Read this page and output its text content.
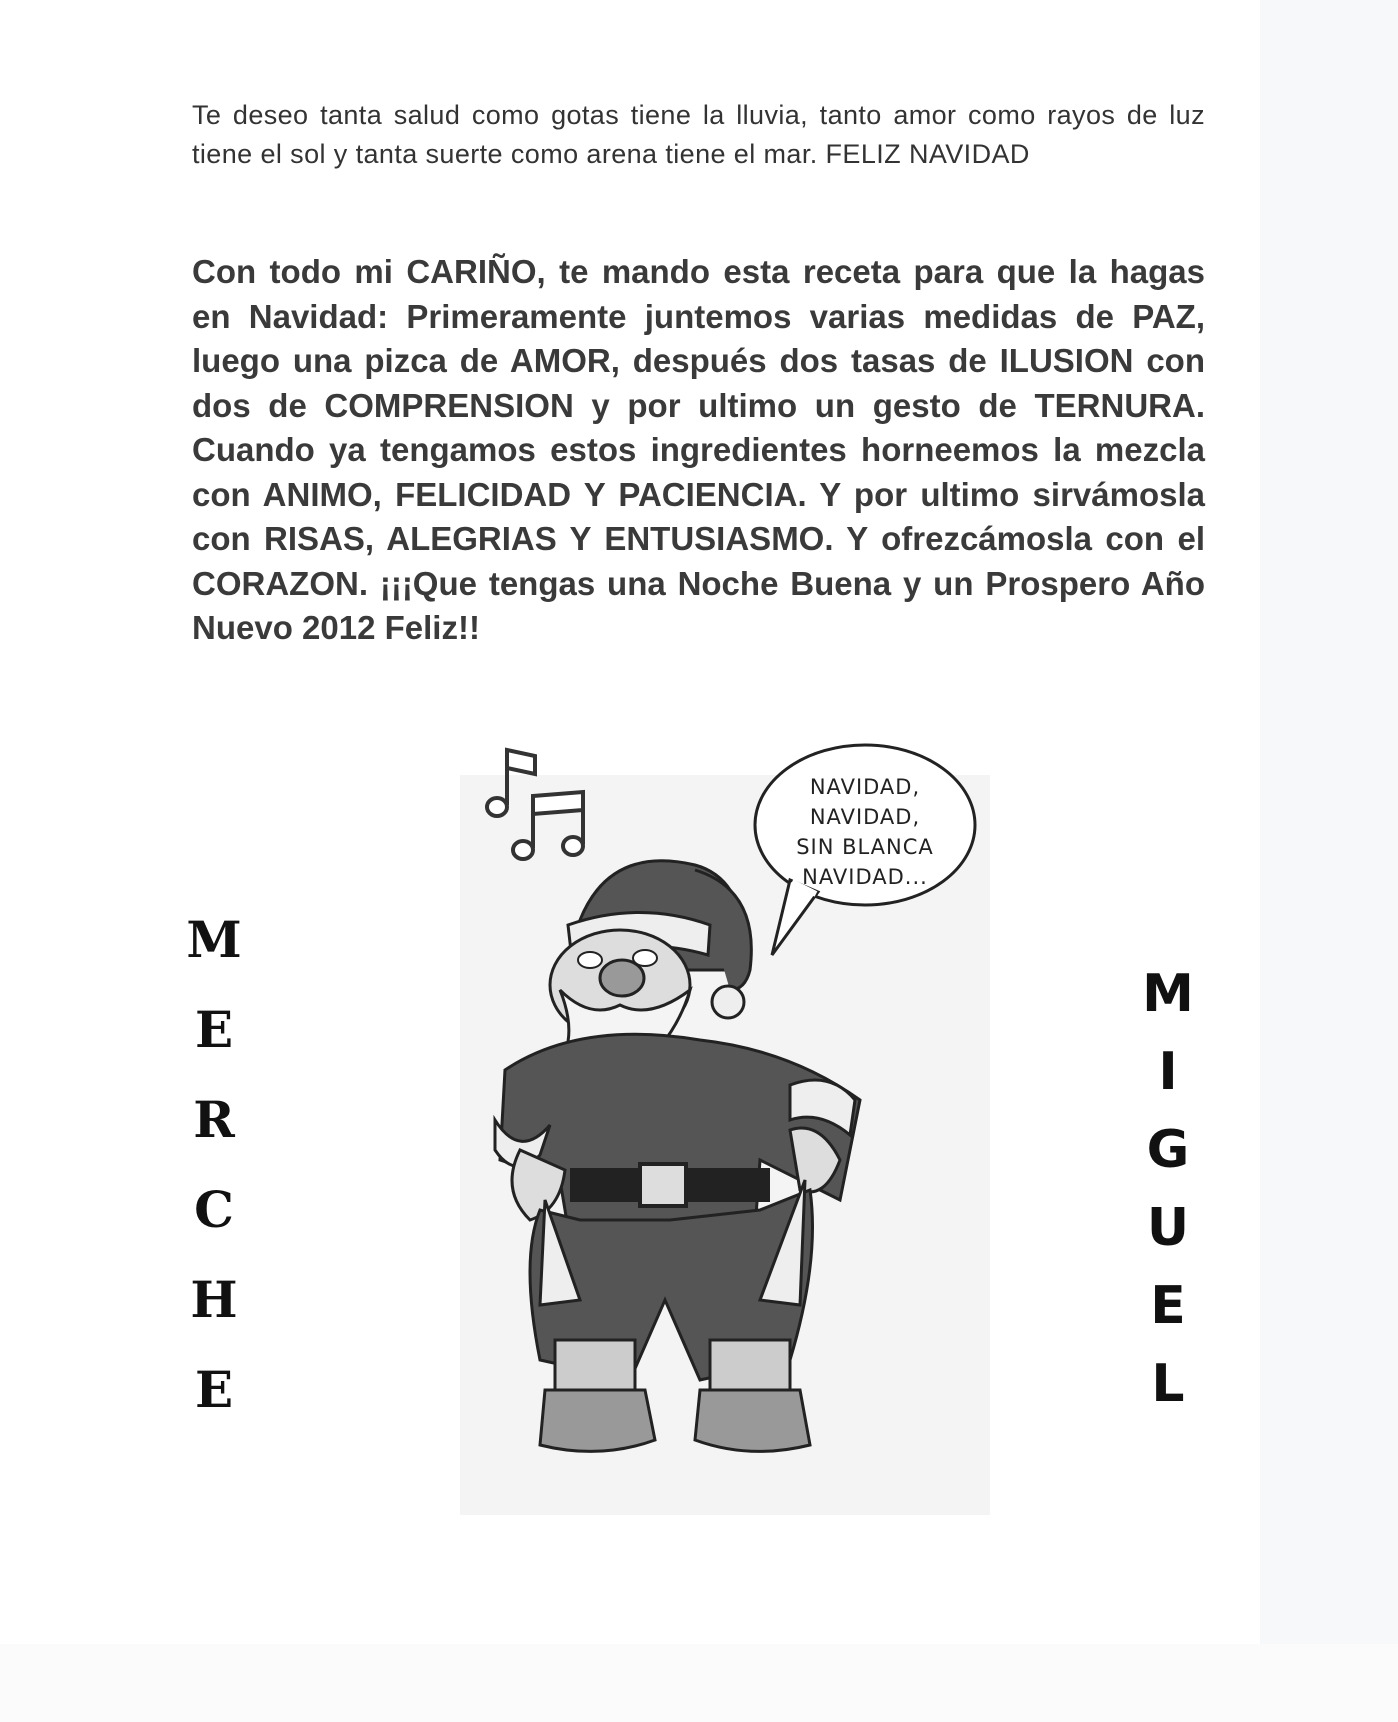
Te deseo tanta salud como gotas tiene la lluvia, tanto amor como rayos de luz tiene el sol y tanta suerte como arena tiene el mar. FELIZ NAVIDAD

Con todo mi CARIÑO, te mando esta receta para que la hagas en Navidad: Primeramente juntemos varias medidas de PAZ, luego una pizca de AMOR, después dos tasas de ILUSION con dos de COMPRENSION y por ultimo un gesto de TERNURA. Cuando ya tengamos estos ingredientes horneemos la mezcla con ANIMO, FELICIDAD Y PACIENCIA. Y por ultimo sirvámosla con RISAS, ALEGRIAS Y ENTUSIASMO. Y ofrezcámosla con el CORAZON. ¡¡¡Que tengas una Noche Buena y un Prospero Año Nuevo 2012 Feliz!!

M
E
R
C
H
E
M
I
G
U
E
L
NAVIDAD,
NAVIDAD,
SIN BLANCA
NAVIDAD...
